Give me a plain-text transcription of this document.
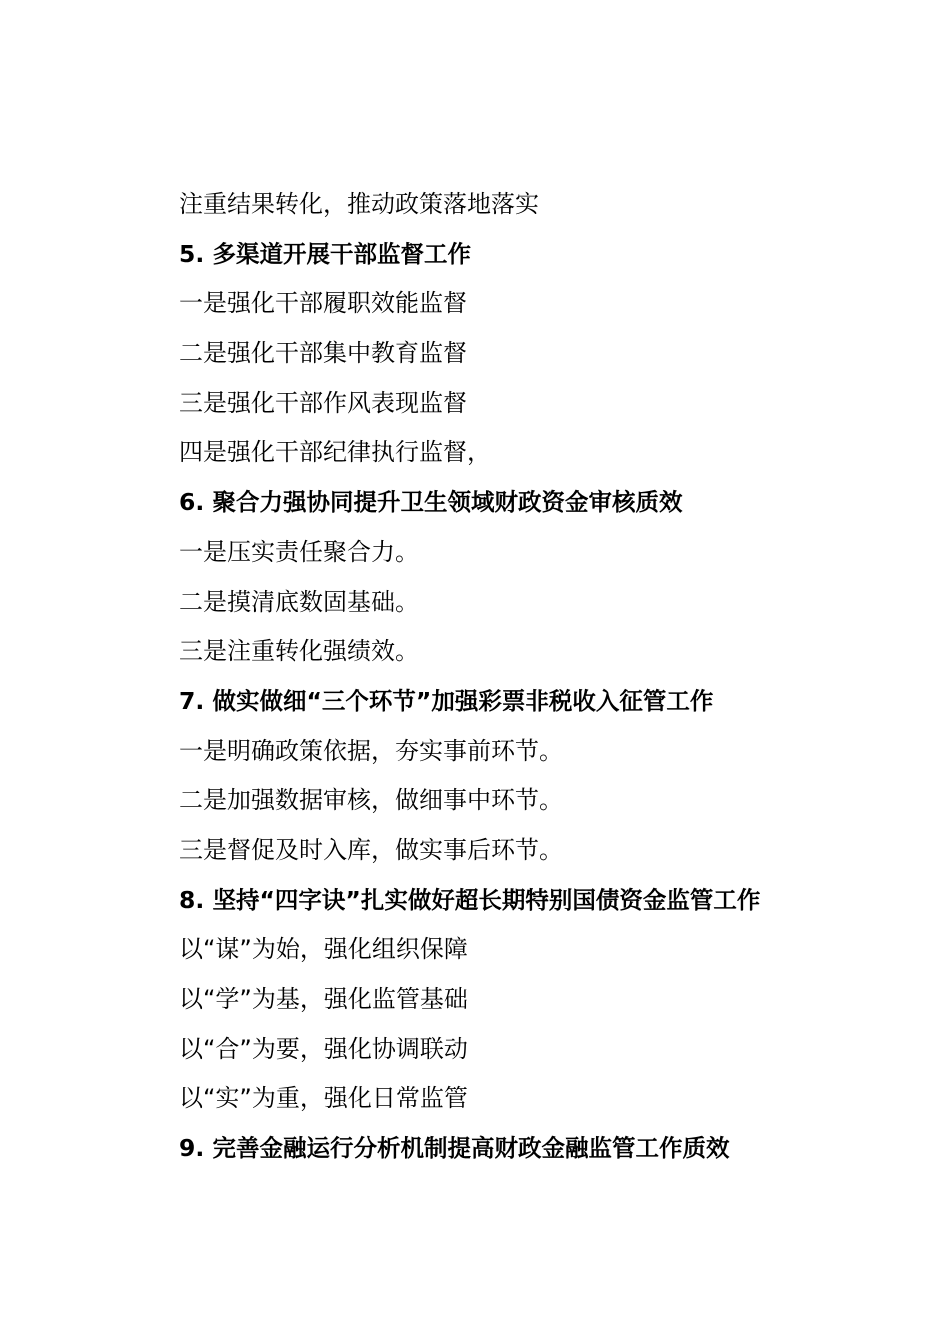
注重结果转化，推动政策落地落实
5. 多渠道开展干部监督工作
一是强化干部履职效能监督
二是强化干部集中教育监督
三是强化干部作风表现监督
四是强化干部纪律执行监督，
6. 聚合力强协同提升卫生领域财政资金审核质效
一是压实责任聚合力。
二是摸清底数固基础。
三是注重转化强绩效。
7. 做实做细“三个环节”加强彩票非税收入征管工作
一是明确政策依据，夯实事前环节。
二是加强数据审核，做细事中环节。
三是督促及时入库，做实事后环节。
8. 坚持“四字诀”扎实做好超长期特别国债资金监管工作
以“谋”为始，强化组织保障
以“学”为基，强化监管基础
以“合”为要，强化协调联动
以“实”为重，强化日常监管
9. 完善金融运行分析机制提高财政金融监管工作质效
